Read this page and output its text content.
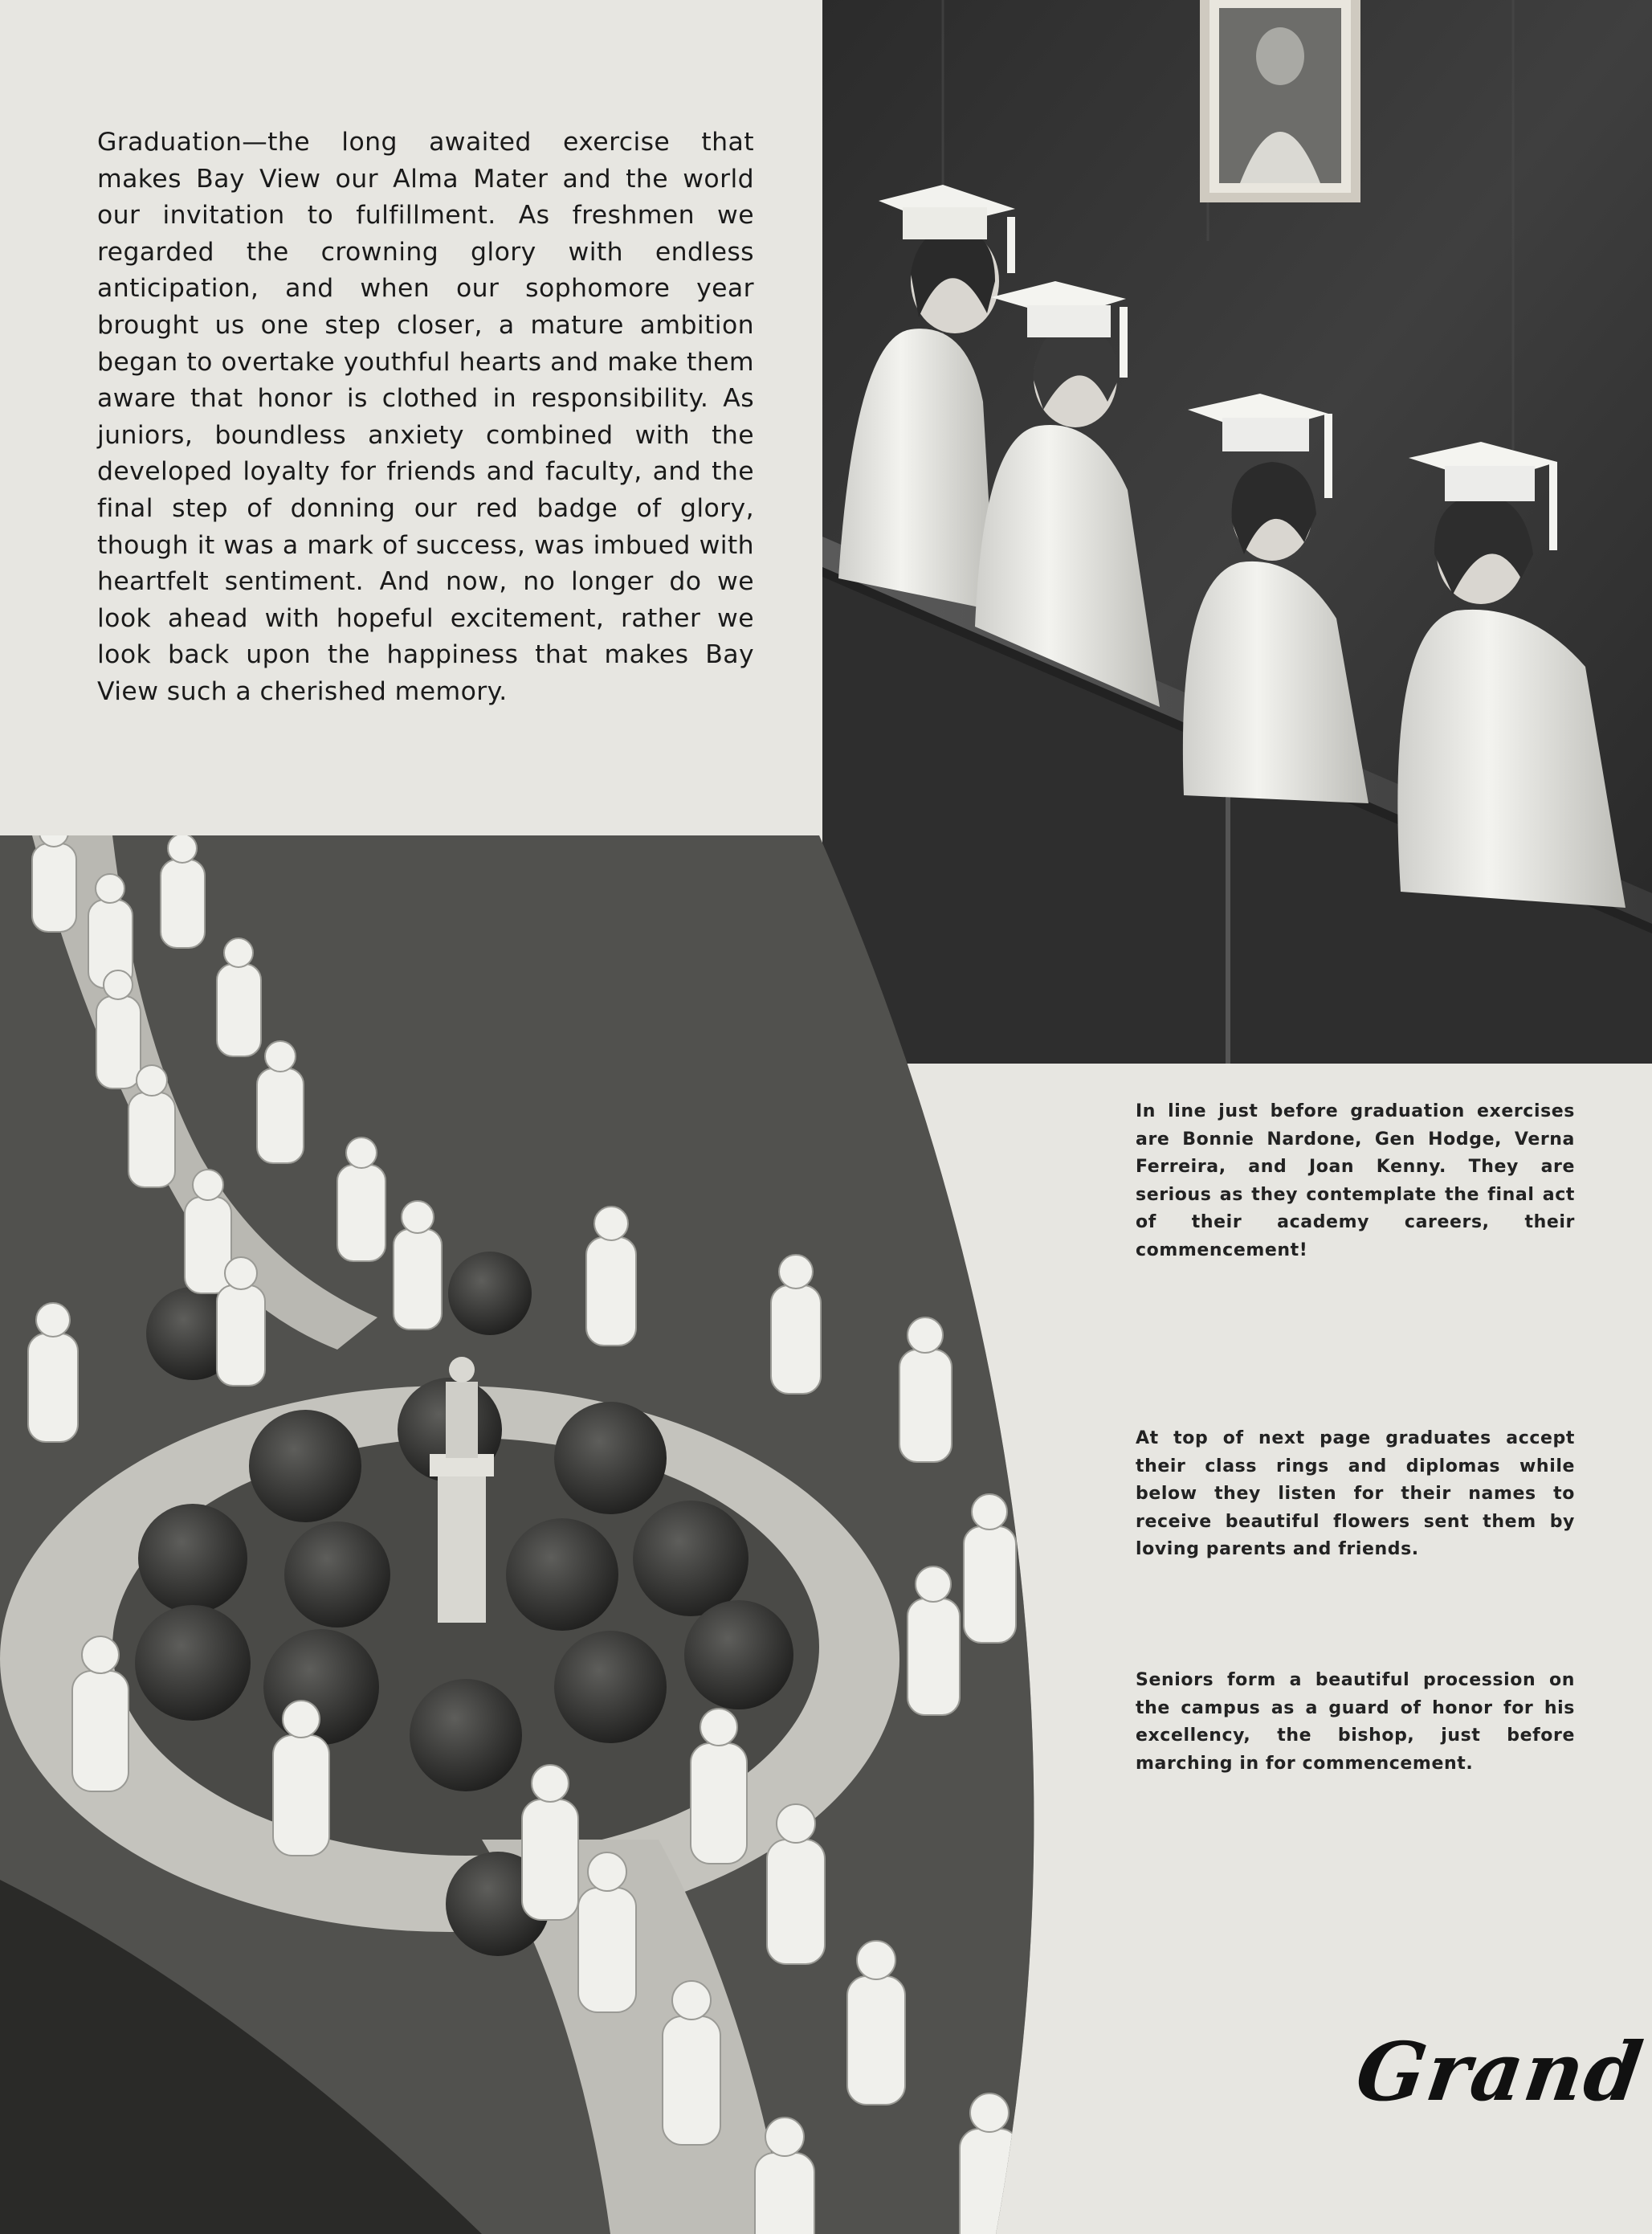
Graduation—the long awaited exercise that makes Bay View our Alma Mater and the world our invitation to fulfillment. As freshmen we regarded the crowning glory with endless anticipation, and when our sophomore year brought us one step closer, a mature ambition began to overtake youthful hearts and make them aware that honor is clothed in responsibility. As juniors, boundless anxiety combined with the developed loyalty for friends and faculty, and the final step of donning our red badge of glory, though it was a mark of success, was imbued with heartfelt sentiment. And now, no longer do we look ahead with hopeful excitement, rather we look back upon the happiness that makes Bay View such a cherished memory.

In line just before graduation exercises are Bonnie Nardone, Gen Hodge, Verna Ferreira, and Joan Kenny. They are serious as they contemplate the final act of their academy careers, their commencement!

At top of next page graduates accept their class rings and diplomas while below they listen for their names to receive beautiful flowers sent them by loving parents and friends.

Seniors form a beautiful procession on the campus as a guard of honor for his excellency, the bishop, just before marching in for commencement.

Grand
